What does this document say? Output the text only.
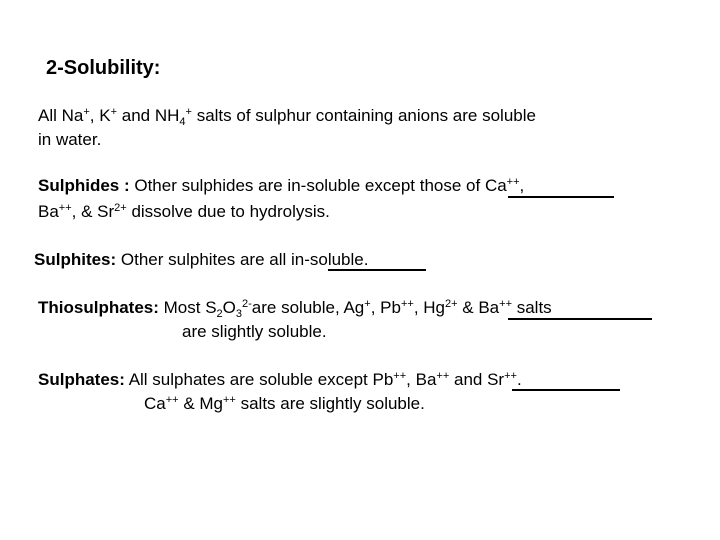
2-Solubility:
All Na+, K+ and $NH_4^+$ salts of sulphur containing anions are soluble
in water.
Sulphides : Other sulphides are in-soluble except those of Ca++,
Ba++, & $Sr^{2+}$ dissolve due to hydrolysis.
Sulphites: Other sulphites are all in-soluble.
Thiosulphates: Most $S_2O_3^{2-}are$ soluble, Ag+, Pb++, $Hg^{2+}$ & Ba++ salts
are slightly soluble.
Sulphates: All sulphates are soluble except Pb++, Ba++ and Sr++.
Ca++ & Mg++ salts are slightly soluble.
